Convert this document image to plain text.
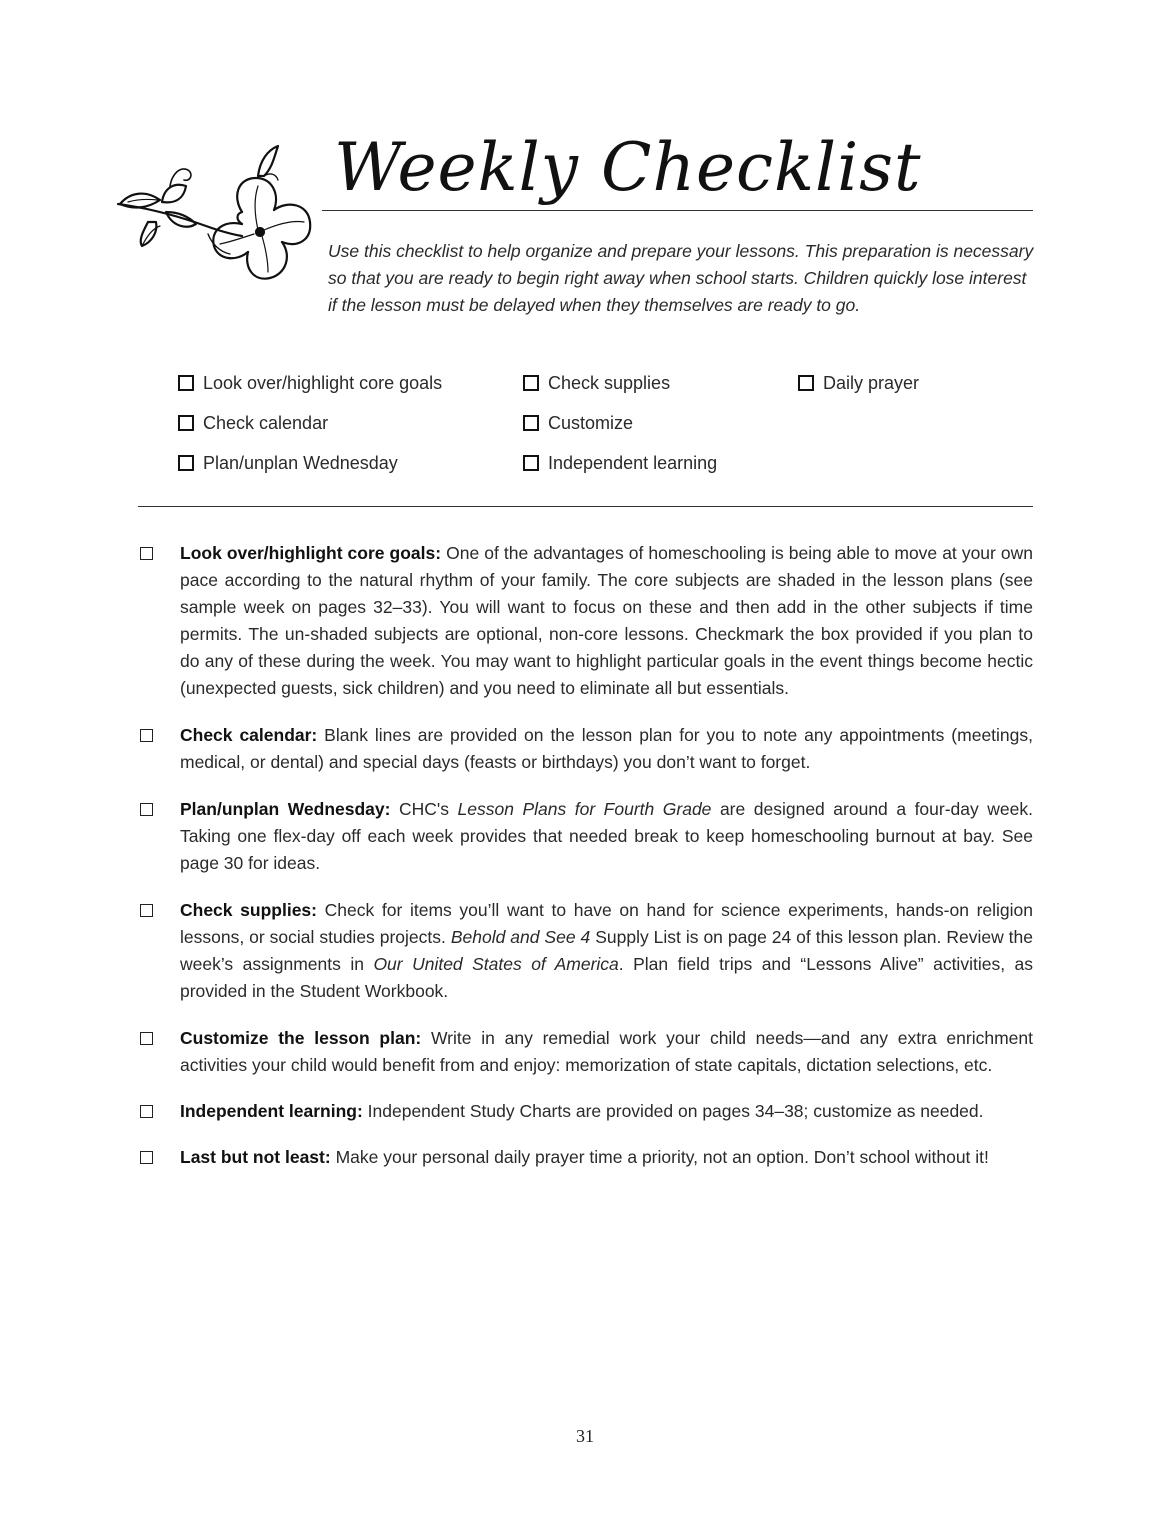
Weekly Checklist
Use this checklist to help organize and prepare your lessons. This preparation is necessary so that you are ready to begin right away when school starts. Children quickly lose interest if the lesson must be delayed when they themselves are ready to go.
Look over/highlight core goals
Check calendar
Plan/unplan Wednesday
Check supplies
Customize
Independent learning
Daily prayer

Look over/highlight core goals: One of the advantages of homeschooling is being able to move at your own pace according to the natural rhythm of your family. The core subjects are shaded in the lesson plans (see sample week on pages 32–33). You will want to focus on these and then add in the other subjects if time permits. The un-shaded subjects are optional, non-core lessons. Checkmark the box provided if you plan to do any of these during the week. You may want to highlight particular goals in the event things become hectic (unexpected guests, sick children) and you need to eliminate all but essentials.

Check calendar: Blank lines are provided on the lesson plan for you to note any appointments (meetings, medical, or dental) and special days (feasts or birthdays) you don’t want to forget.

Plan/unplan Wednesday: CHC's Lesson Plans for Fourth Grade are designed around a four-day week. Taking one flex-day off each week provides that needed break to keep homeschooling burnout at bay. See page 30 for ideas.

Check supplies: Check for items you’ll want to have on hand for science experiments, hands-on religion lessons, or social studies projects. Behold and See 4 Supply List is on page 24 of this lesson plan. Review the week’s assignments in Our United States of America. Plan field trips and “Lessons Alive” activities, as provided in the Student Workbook.

Customize the lesson plan: Write in any remedial work your child needs—and any extra enrichment activities your child would benefit from and enjoy: memorization of state capitals, dictation selections, etc.

Independent learning: Independent Study Charts are provided on pages 34–38; customize as needed.

Last but not least: Make your personal daily prayer time a priority, not an option. Don’t school without it!

31
